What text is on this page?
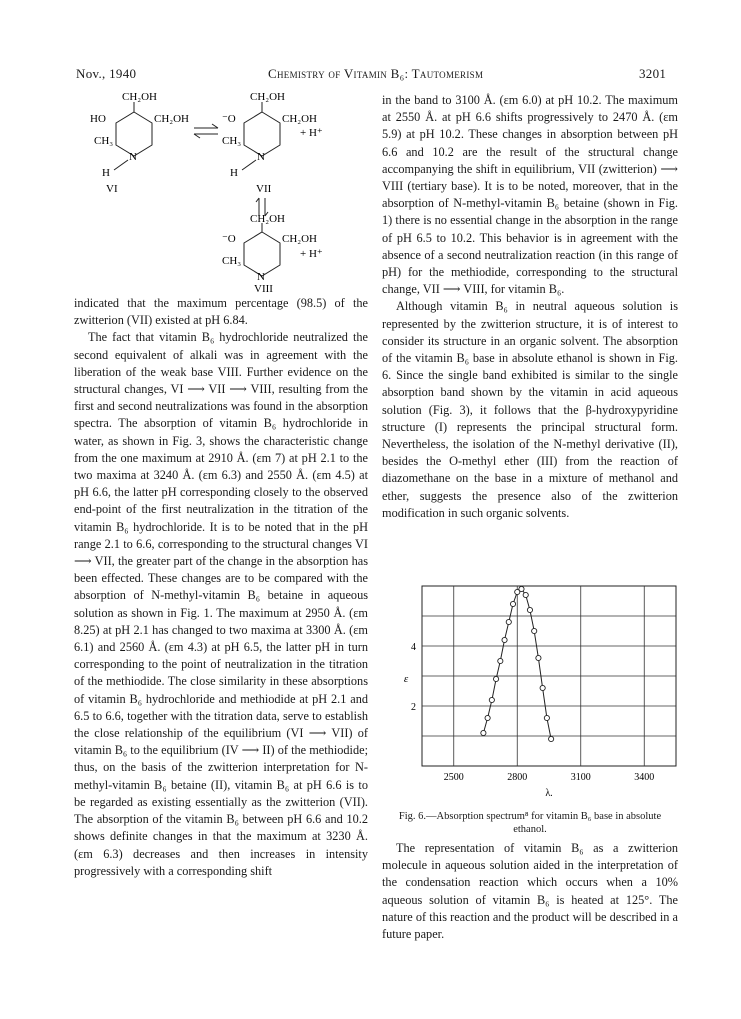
Nov., 1940	Chemistry of Vitamin B₆: Tautomerism	3201
CH₂OH
HO	CH₂OH
CH₃
N
H
VI
CH₂OH
⁻O	CH₂OH
CH₃
N
H
+ H⁺
VII
CH₂OH
⁻O	CH₂OH
CH₃
N
+ H⁺
VIII

indicated that the maximum percentage (98.5) of the zwitterion (VII) existed at pH 6.84.

The fact that vitamin B₆ hydrochloride neutralized the second equivalent of alkali was in agreement with the liberation of the weak base VIII. Further evidence on the structural changes, VI ⟶ VII ⟶ VIII, resulting from the first and second neutralizations was found in the absorption spectra. The absorption of vitamin B₆ hydrochloride in water, as shown in Fig. 3, shows the characteristic change from the one maximum at 2910 Å. (εm 7) at pH 2.1 to the two maxima at 3240 Å. (εm 6.3) and 2550 Å. (εm 4.5) at pH 6.6, the latter pH corresponding closely to the observed end-point of the first neutralization in the titration of the vitamin B₆ hydrochloride. It is to be noted that in the pH range 2.1 to 6.6, corresponding to the structural changes VI ⟶ VII, the greater part of the change in the absorption has been effected. These changes are to be compared with the absorption of N-methyl-vitamin B₆ betaine in aqueous solution as shown in Fig. 1. The maximum at 2950 Å. (εm 8.25) at pH 2.1 has changed to two maxima at 3300 Å. (εm 6.1) and 2560 Å. (εm 4.3) at pH 6.5, the latter pH in turn corresponding to the point of neutralization in the titration of the methiodide. The close similarity in these absorptions of vitamin B₆ hydrochloride and methiodide at pH 2.1 and 6.5 to 6.6, together with the titration data, serve to establish the close relationship of the equilibrium (VI ⟶ VII) of vitamin B₆ to the equilibrium (IV ⟶ II) of the methiodide; thus, on the basis of the zwitterion interpretation for N-methyl-vitamin B₆ betaine (II), vitamin B₆ at pH 6.6 is to be regarded as existing essentially as the zwitterion (VII). The absorption of the vitamin B₆ between pH 6.6 and 10.2 shows definite changes in that the maximum at 3230 Å. (εm 6.3) decreases and then increases in intensity progressively with a corresponding shift

in the band to 3100 Å. (εm 6.0) at pH 10.2. The maximum at 2550 Å. at pH 6.6 shifts progressively to 2470 Å. (εm 5.9) at pH 10.2. These changes in absorption between pH 6.6 and 10.2 are the result of the structural change accompanying the shift in equilibrium, VII (zwitterion) ⟶ VIII (tertiary base). It is to be noted, moreover, that in the absorption of N-methyl-vitamin B₆ betaine (shown in Fig. 1) there is no essential change in the absorption in the range of pH 6.5 to 10.2. This behavior is in agreement with the absence of a second neutralization reaction (in this range of pH) for the methiodide, corresponding to the structural change, VII ⟶ VIII, for vitamin B₆.

Although vitamin B₆ in neutral aqueous solution is represented by the zwitterion structure, it is of interest to consider its structure in an organic solvent. The absorption of the vitamin B₆ base in absolute ethanol is shown in Fig. 6. Since the single band exhibited is similar to the single absorption band shown by the vitamin in acid aqueous solution (Fig. 3), it follows that the β-hydroxypyridine structure (I) represents the principal structural form. Nevertheless, the isolation of the N-methyl derivative (II), besides the O-methyl ether (III) from the reaction of diazomethane on the base in a mixture of methanol and ether, suggests the presence also of the zwitterion modification in such organic solvents.

2500	2800	3100	3400
2
4
λ.
ε
Fig. 6.—Absorption spectrum⁸ for vitamin B₆ base in absolute ethanol.

The representation of vitamin B₆ as a zwitterion molecule in aqueous solution aided in the interpretation of the condensation reaction which occurs when a 10% aqueous solution of vitamin B₆ is heated at 125°. The nature of this reaction and the product will be described in a future paper.
